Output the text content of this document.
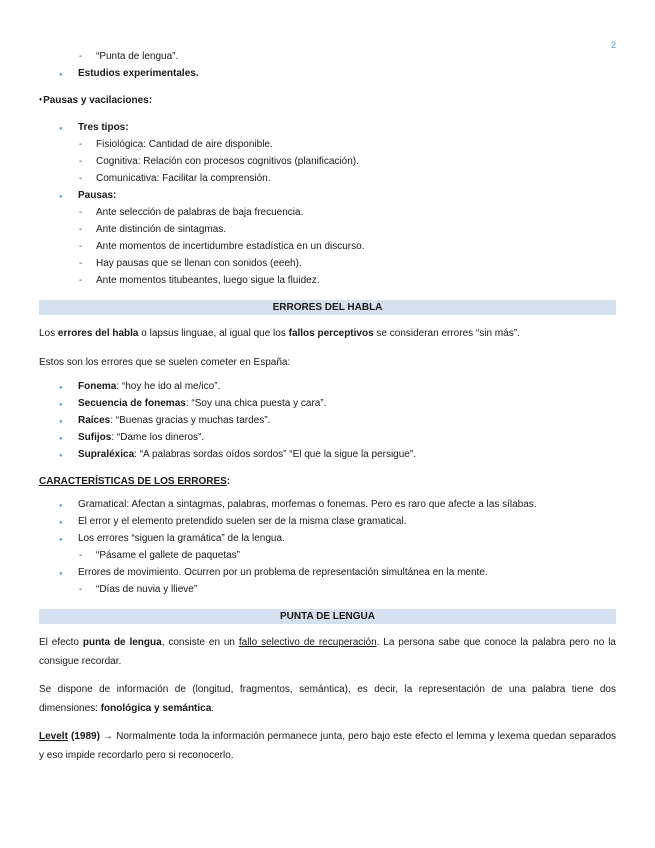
2
- “Punta de lengua”.
● Estudios experimentales.
♦Pausas y vacilaciones:
● Tres tipos:
- Fisiológica: Cantidad de aire disponible.
- Cognitiva: Relación con procesos cognitivos (planificación).
- Comunicativa: Facilitar la comprensión.
● Pausas:
- Ante selección de palabras de baja frecuencia.
- Ante distinción de sintagmas.
- Ante momentos de incertidumbre estadística en un discurso.
- Hay pausas que se llenan con sonidos (eeeh).
- Ante momentos titubeantes, luego sigue la fluidez.
ERRORES DEL HABLA
Los errores del habla o lapsus linguae, al igual que los fallos perceptivos se consideran errores “sin más”.
Estos son los errores que se suelen cometer en España:
● Fonema: “hoy he ido al me/ico”.
● Secuencia de fonemas: “Soy una chica puesta y cara”.
● Raíces: “Buenas gracias y muchas tardes”.
● Sufijos: “Dame los dineros”.
● Supraléxica: “A palabras sordas oídos sordos” “El que la sigue la persigue”.
CARACTERÍSTICAS DE LOS ERRORES:
● Gramatical: Afectan a sintagmas, palabras, morfemas o fonemas. Pero es raro que afecte a las sílabas.
● El error y el elemento pretendido suelen ser de la misma clase gramatical.
● Los errores “siguen la gramática” de la lengua.
- “Pásame el gallete de paquetas”
● Errores de movimiento. Ocurren por un problema de representación simultánea en la mente.
- “Días de nuvia y llieve”
PUNTA DE LENGUA
El efecto punta de lengua, consiste en un fallo selectivo de recuperación. La persona sabe que conoce la palabra pero no la consigue recordar.
Se dispone de información de (longitud, fragmentos, semántica), es decir, la representación de una palabra tiene dos dimensiones: fonológica y semántica.
Levelt (1989) → Normalmente toda la información permanece junta, pero bajo este efecto el lemma y lexema quedan separados y eso impide recordarlo pero si reconocerlo.
